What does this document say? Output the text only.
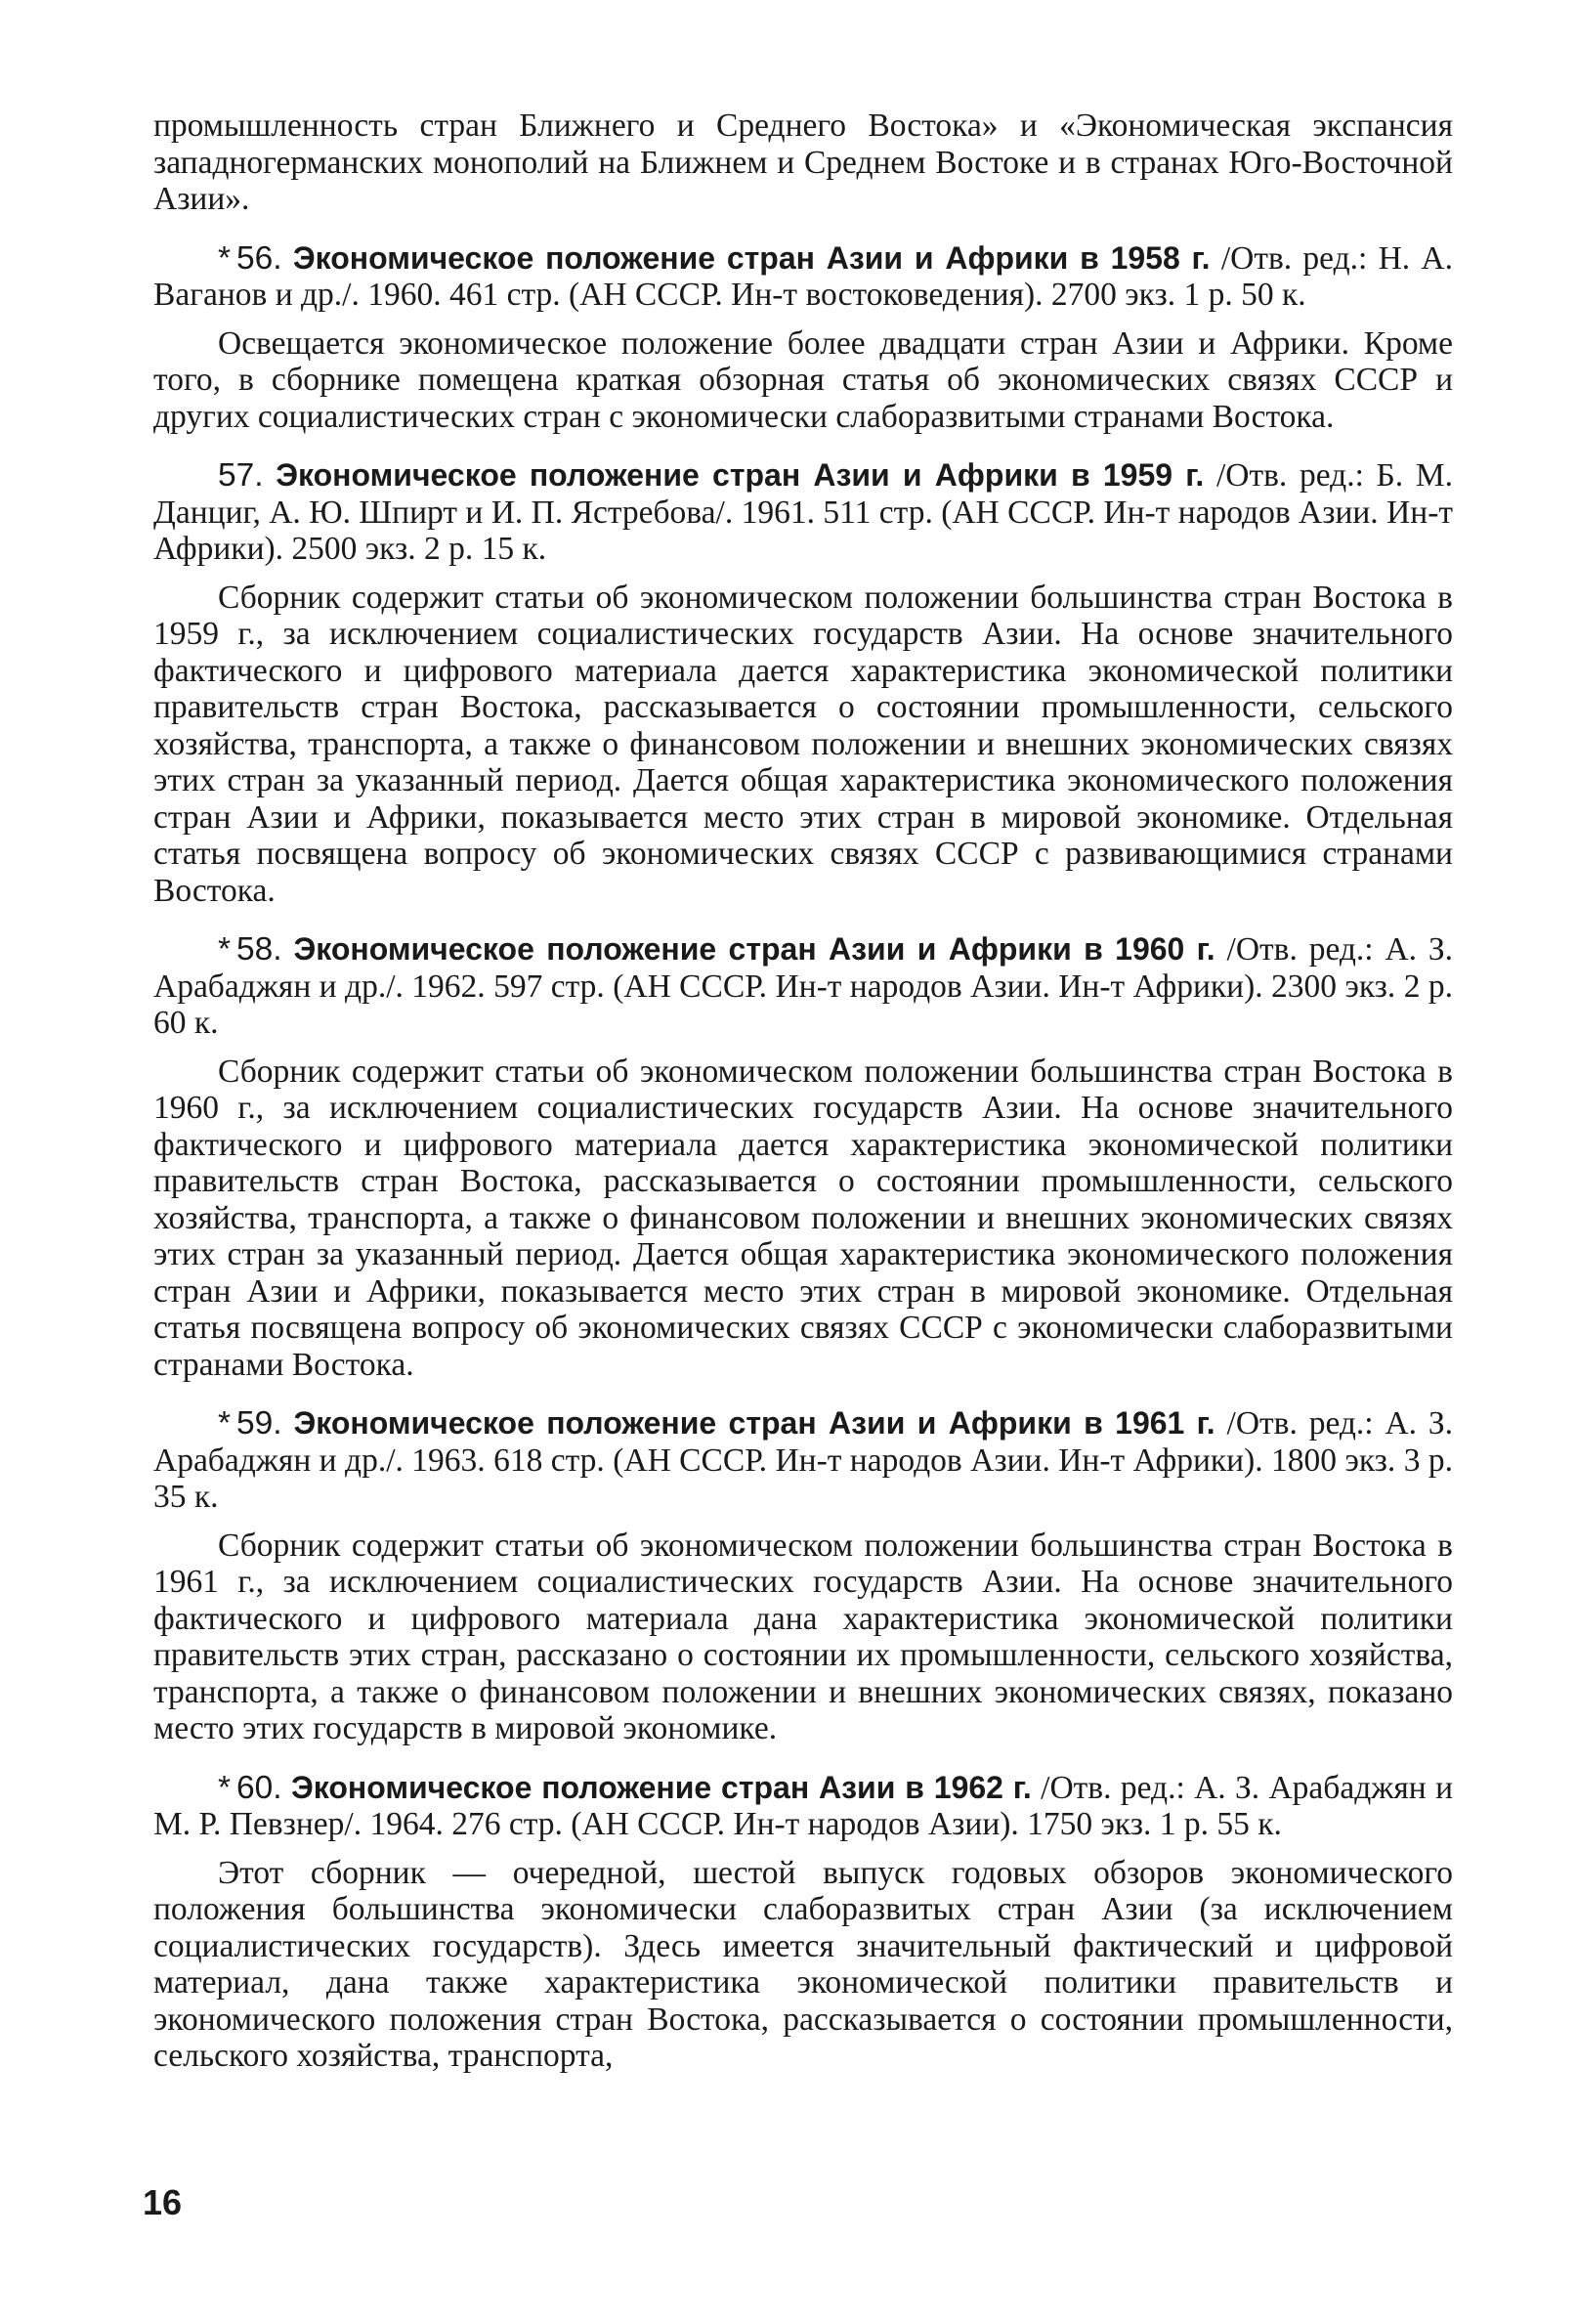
промышленность стран Ближнего и Среднего Востока» и «Экономическая экспансия западногерманских монополий на Ближнем и Среднем Востоке и в странах Юго-Восточной Азии».

* 56. Экономическое положение стран Азии и Африки в 1958 г. /Отв. ред.: Н. А. Ваганов и др./. 1960. 461 стр. (АН СССР. Ин-т востоковедения). 2700 экз. 1 р. 50 к.

Освещается экономическое положение более двадцати стран Азии и Африки. Кроме того, в сборнике помещена краткая обзорная статья об экономических связях СССР и других социалистических стран с экономически слаборазвитыми странами Востока.

57. Экономическое положение стран Азии и Африки в 1959 г. /Отв. ред.: Б. М. Данциг, А. Ю. Шпирт и И. П. Ястребова/. 1961. 511 стр. (АН СССР. Ин-т народов Азии. Ин-т Африки). 2500 экз. 2 р. 15 к.

Сборник содержит статьи об экономическом положении большинства стран Востока в 1959 г., за исключением социалистических государств Азии. На основе значительного фактического и цифрового материала дается характеристика экономической политики правительств стран Востока, рассказывается о состоянии промышленности, сельского хозяйства, транспорта, а также о финансовом положении и внешних экономических связях этих стран за указанный период. Дается общая характеристика экономического положения стран Азии и Африки, показывается место этих стран в мировой экономике. Отдельная статья посвящена вопросу об экономических связях СССР с развивающимися странами Востока.

* 58. Экономическое положение стран Азии и Африки в 1960 г. /Отв. ред.: А. З. Арабаджян и др./. 1962. 597 стр. (АН СССР. Ин-т народов Азии. Ин-т Африки). 2300 экз. 2 р. 60 к.

Сборник содержит статьи об экономическом положении большинства стран Востока в 1960 г., за исключением социалистических государств Азии. На основе значительного фактического и цифрового материала дается характеристика экономической политики правительств стран Востока, рассказывается о состоянии промышленности, сельского хозяйства, транспорта, а также о финансовом положении и внешних экономических связях этих стран за указанный период. Дается общая характеристика экономического положения стран Азии и Африки, показывается место этих стран в мировой экономике. Отдельная статья посвящена вопросу об экономических связях СССР с экономически слаборазвитыми странами Востока.

* 59. Экономическое положение стран Азии и Африки в 1961 г. /Отв. ред.: А. З. Арабаджян и др./. 1963. 618 стр. (АН СССР. Ин-т народов Азии. Ин-т Африки). 1800 экз. 3 р. 35 к.

Сборник содержит статьи об экономическом положении большинства стран Востока в 1961 г., за исключением социалистических государств Азии. На основе значительного фактического и цифрового материала дана характеристика экономической политики правительств этих стран, рассказано о состоянии их промышленности, сельского хозяйства, транспорта, а также о финансовом положении и внешних экономических связях, показано место этих государств в мировой экономике.

* 60. Экономическое положение стран Азии в 1962 г. /Отв. ред.: А. З. Арабаджян и М. Р. Певзнер/. 1964. 276 стр. (АН СССР. Ин-т народов Азии). 1750 экз. 1 р. 55 к.

Этот сборник — очередной, шестой выпуск годовых обзоров экономического положения большинства экономически слаборазвитых стран Азии (за исключением социалистических государств). Здесь имеется значительный фактический и цифровой материал, дана также характеристика экономической политики правительств и экономического положения стран Востока, рассказывается о состоянии промышленности, сельского хозяйства, транспорта,

16
